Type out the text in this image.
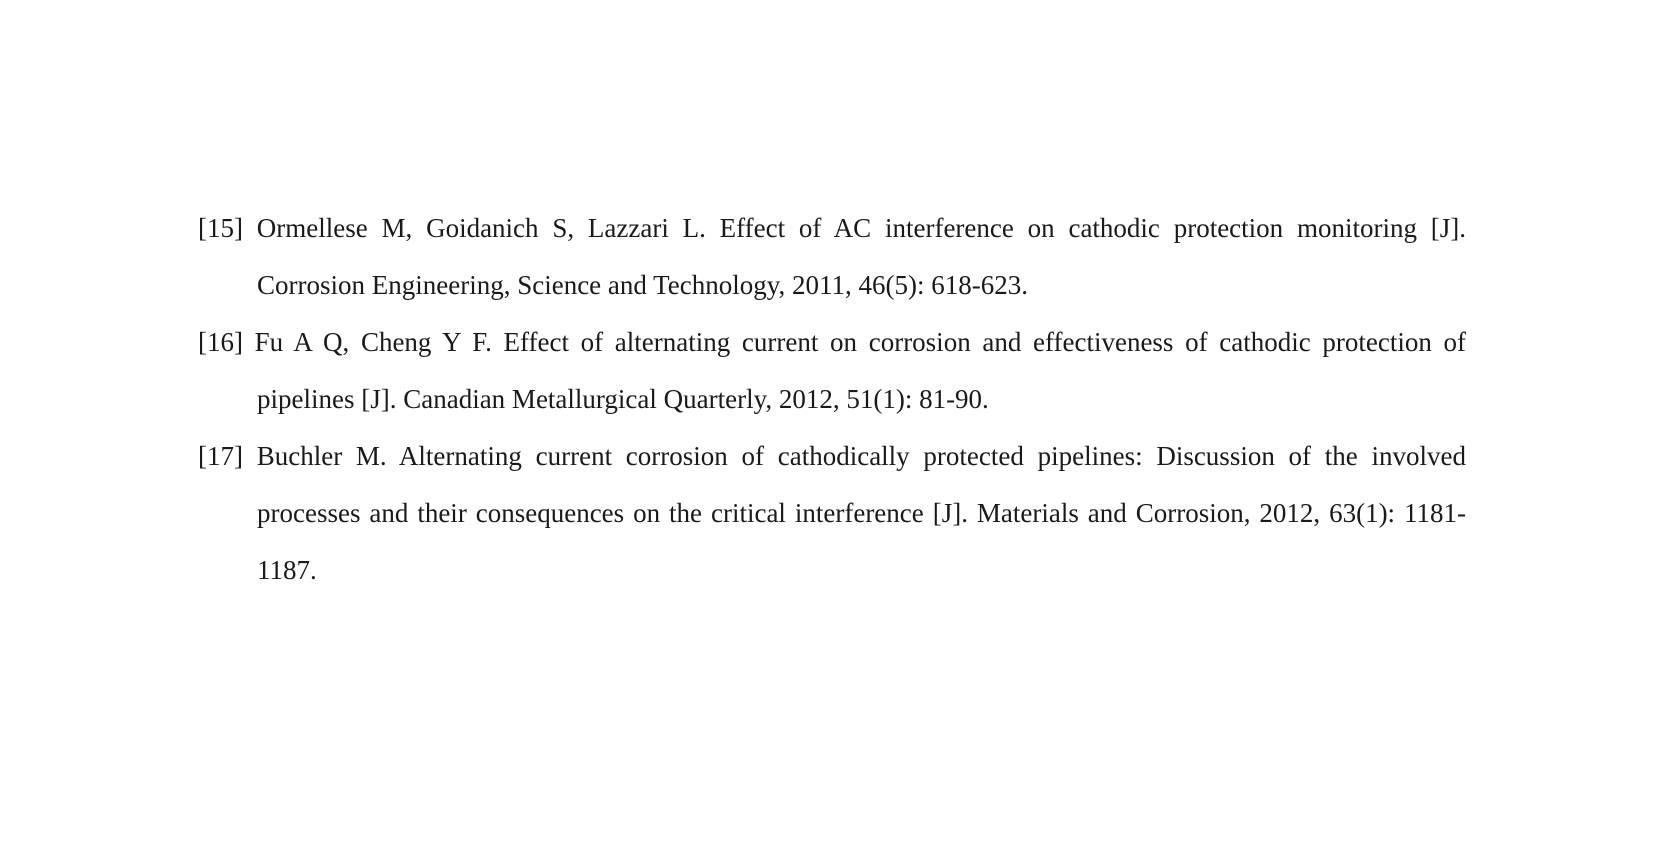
[15] Ormellese M, Goidanich S, Lazzari L. Effect of AC interference on cathodic protection monitoring [J]. Corrosion Engineering, Science and Technology, 2011, 46(5): 618-623.

[16] Fu A Q, Cheng Y F. Effect of alternating current on corrosion and effectiveness of cathodic protection of pipelines [J]. Canadian Metallurgical Quarterly, 2012, 51(1): 81-90.

[17] Buchler M. Alternating current corrosion of cathodically protected pipelines: Discussion of the involved processes and their consequences on the critical interference [J]. Materials and Corrosion, 2012, 63(1): 1181-1187.
